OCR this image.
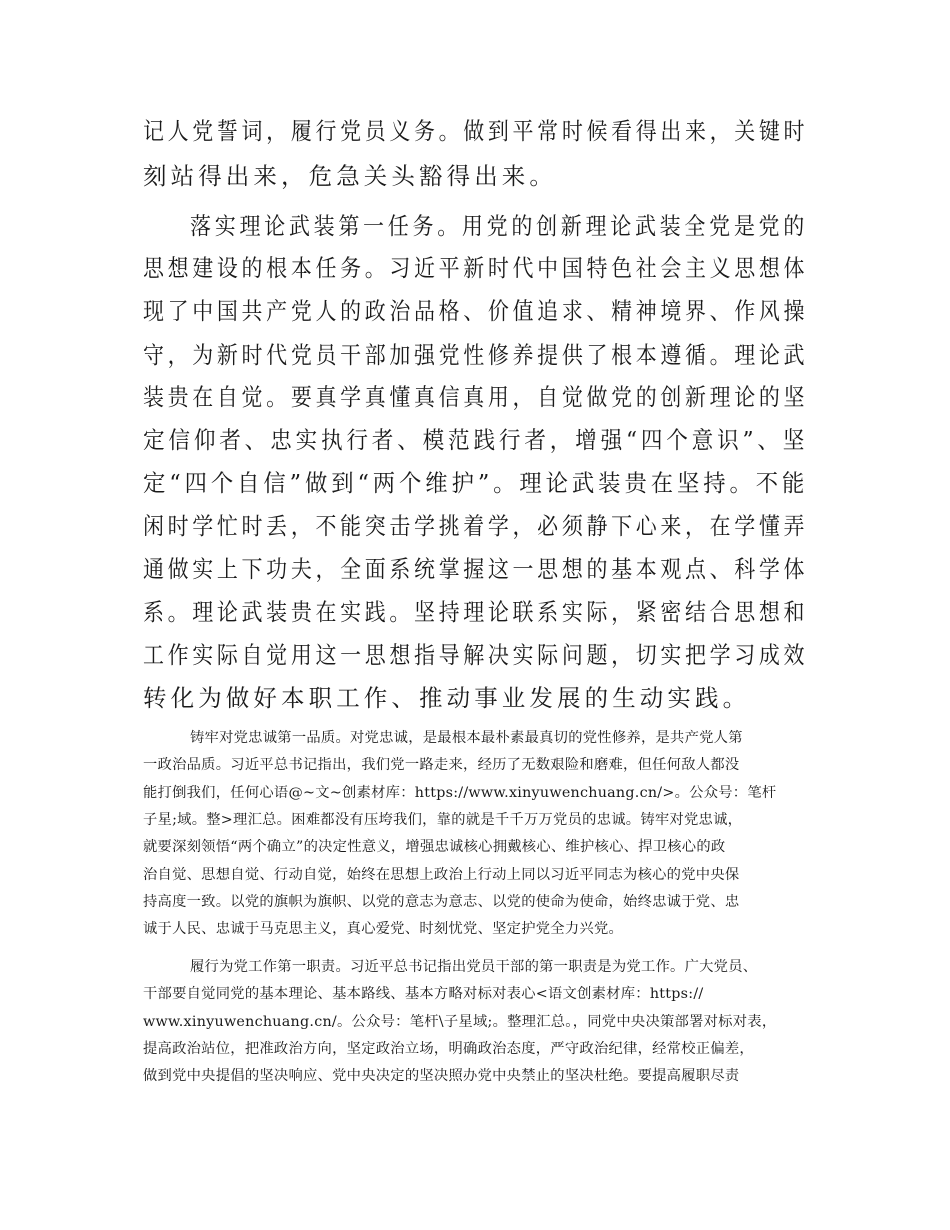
记人党誓词，履行党员义务。做到平常时候看得出来，关键时
刻站得出来，危急关头豁得出来。
落实理论武装第一任务。用党的创新理论武装全党是党的
思想建设的根本任务。习近平新时代中国特色社会主义思想体
现了中国共产党人的政治品格、价值追求、精神境界、作风操
守，为新时代党员干部加强党性修养提供了根本遵循。理论武
装贵在自觉。要真学真懂真信真用，自觉做党的创新理论的坚
定信仰者、忠实执行者、模范践行者，增强“四个意识”、坚
定“四个自信”做到“两个维护”。理论武装贵在坚持。不能
闲时学忙时丢，不能突击学挑着学，必须静下心来，在学懂弄
通做实上下功夫，全面系统掌握这一思想的基本观点、科学体
系。理论武装贵在实践。坚持理论联系实际，紧密结合思想和
工作实际自觉用这一思想指导解决实际问题，切实把学习成效
转化为做好本职工作、推动事业发展的生动实践。
铸牢对党忠诚第一品质。对党忠诚，是最根本最朴素最真切的党性修养，是共产党人第
一政治品质。习近平总书记指出，我们党一路走来，经历了无数艰险和磨难，但任何敌人都没
能打倒我们，任何心语@~文~创素材库：https://www.xinyuwenchuang.cn/>。公众号：笔杆
子星;域。整>理汇总。困难都没有压垮我们，靠的就是千千万万党员的忠诚。铸牢对党忠诚，
就要深刻领悟“两个确立”的决定性意义，增强忠诚核心拥戴核心、维护核心、捍卫核心的政
治自觉、思想自觉、行动自觉，始终在思想上政治上行动上同以习近平同志为核心的党中央保
持高度一致。以党的旗帜为旗帜、以党的意志为意志、以党的使命为使命，始终忠诚于党、忠
诚于人民、忠诚于马克思主义，真心爱党、时刻忧党、坚定护党全力兴党。
履行为党工作第一职责。习近平总书记指出党员干部的第一职责是为党工作。广大党员、
干部要自觉同党的基本理论、基本路线、基本方略对标对表心<语文创素材库：https://
www.xinyuwenchuang.cn/。公众号：笔杆\子星域;。整理汇总。，同党中央决策部署对标对表，
提高政治站位，把准政治方向，坚定政治立场，明确政治态度，严守政治纪律，经常校正偏差，
做到党中央提倡的坚决响应、党中央决定的坚决照办党中央禁止的坚决杜绝。要提高履职尽责
